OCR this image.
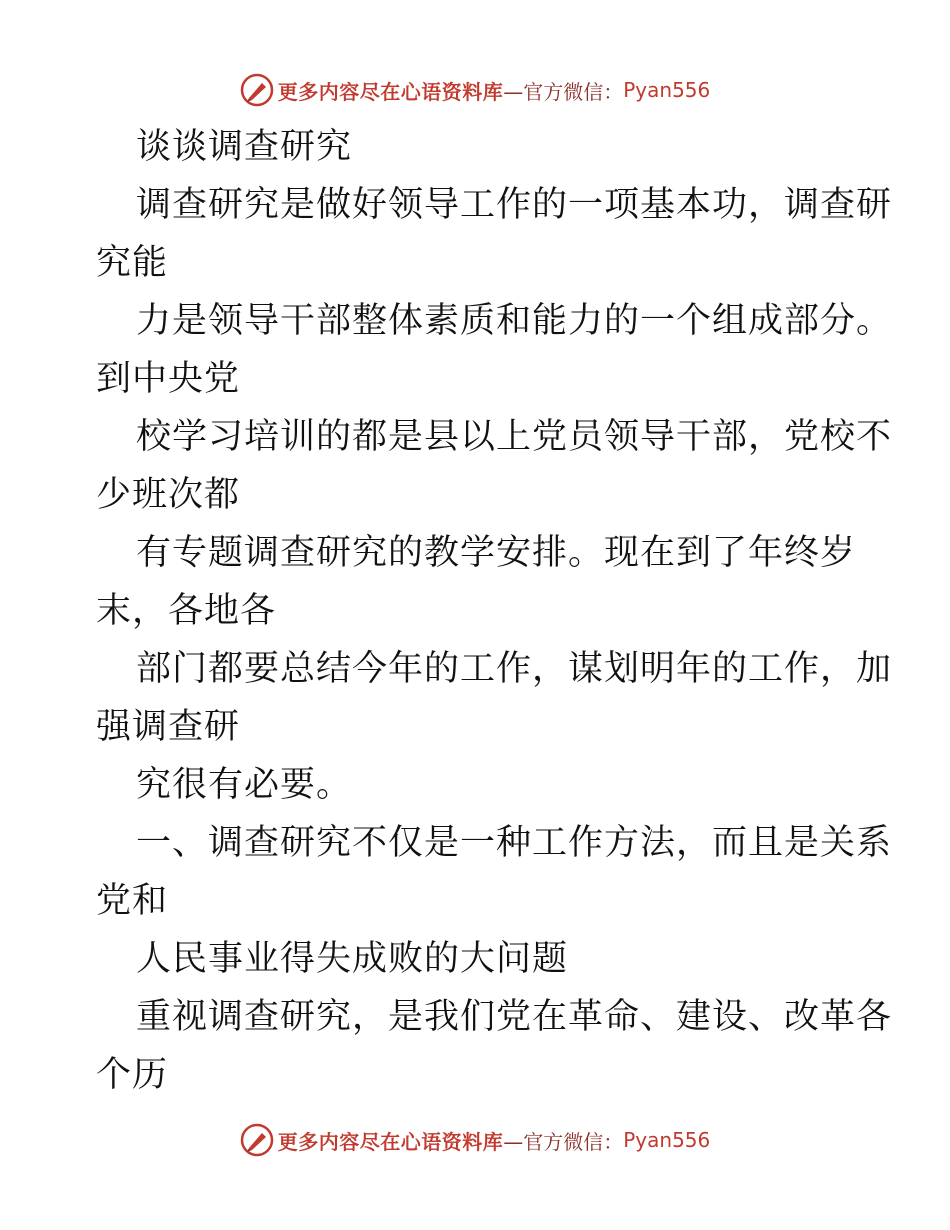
更多内容尽在心语资料库 —官方微信： Pyan556
谈谈调查研究
调查研究是做好领导工作的一项基本功，调查研
究能
力是领导干部整体素质和能力的一个组成部分。
到中央党
校学习培训的都是县以上党员领导干部，党校不
少班次都
有专题调查研究的教学安排。现在到了年终岁
末，各地各
部门都要总结今年的工作，谋划明年的工作，加
强调查研
究很有必要。
一、调查研究不仅是一种工作方法，而且是关系
党和
人民事业得失成败的大问题
重视调查研究，是我们党在革命、建设、改革各
个历
更多内容尽在心语资料库 —官方微信： Pyan556
